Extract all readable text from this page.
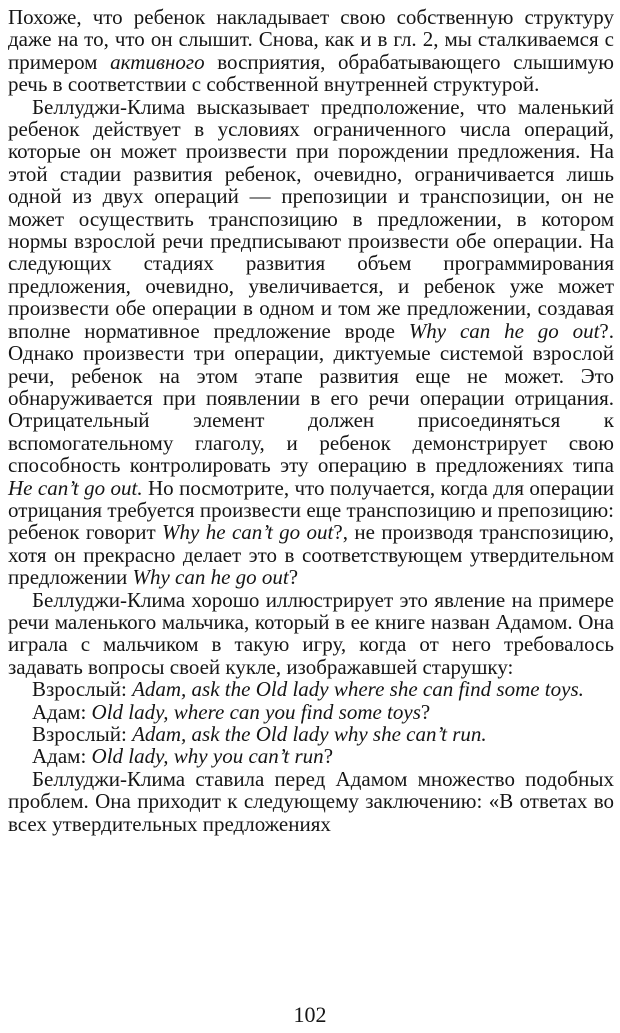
Похоже, что ребенок накладывает свою собственную структуру даже на то, что он слышит. Снова, как и в гл. 2, мы сталкиваемся с примером активного восприятия, обрабатывающего слышимую речь в соответствии с собственной внутренней структурой.

Беллуджи-Клима высказывает предположение, что маленький ребенок действует в условиях ограниченного числа операций, которые он может произвести при порождении предложения. На этой стадии развития ребенок, очевидно, ограничивается лишь одной из двух операций — препозиции и транспозиции, он не может осуществить транспозицию в предложении, в котором нормы взрослой речи предписывают произвести обе операции. На следующих стадиях развития объем программирования предложения, очевидно, увеличивается, и ребенок уже может произвести обе операции в одном и том же предложении, создавая вполне нормативное предложение вроде Why can he go out?. Однако произвести три операции, диктуемые системой взрослой речи, ребенок на этом этапе развития еще не может. Это обнаруживается при появлении в его речи операции отрицания. Отрицательный элемент должен присоединяться к вспомогательному глаголу, и ребенок демонстрирует свою способность контролировать эту операцию в предложениях типа He can’t go out. Но посмотрите, что получается, когда для операции отрицания требуется произвести еще транспозицию и препозицию: ребенок говорит Why he can’t go out?, не производя транспозицию, хотя он прекрасно делает это в соответствующем утвердительном предложении Why can he go out?

Беллуджи-Клима хорошо иллюстрирует это явление на примере речи маленького мальчика, который в ее книге назван Адамом. Она играла с мальчиком в такую игру, когда от него требовалось задавать вопросы своей кукле, изображавшей старушку:

Взрослый: Adam, ask the Old lady where she can find some toys.

Адам: Old lady, where can you find some toys?

Взрослый: Adam, ask the Old lady why she can’t run.

Адам: Old lady, why you can’t run?

Беллуджи-Клима ставила перед Адамом множество подобных проблем. Она приходит к следующему заключению: «В ответах во всех утвердительных предложениях

102
